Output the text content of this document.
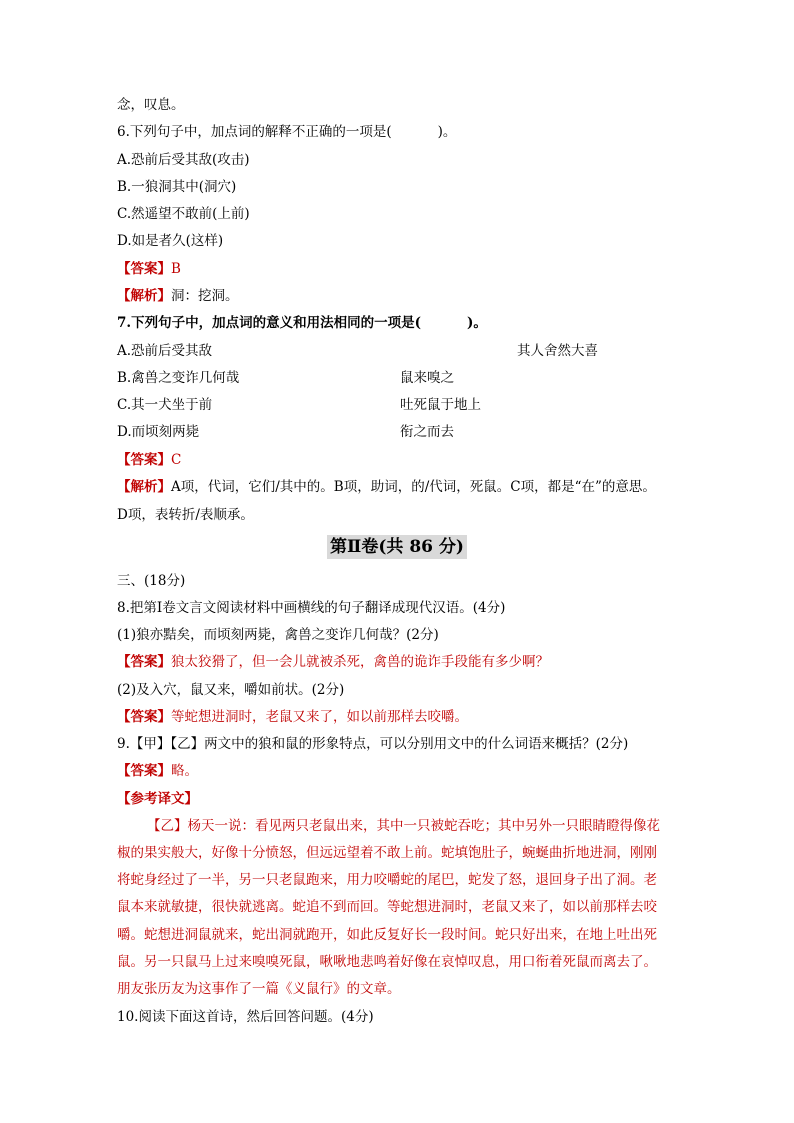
念，叹息。
6.下列句子中，加点词的解释不正确的一项是(	)。
A.恐前后受其敌(攻击)
B.一狼洞其中(洞穴)
C.然遥望不敢前(上前)
D.如是者久(这样)
【答案】B
【解析】洞：挖洞。
7.下列句子中，加点词的意义和用法相同的一项是(	)。
A.恐前后受其敌	其人舍然大喜
B.禽兽之变诈几何哉	鼠来嗅之
C.其一犬坐于前	吐死鼠于地上
D.而顷刻两毙	衔之而去
【答案】C
【解析】A项，代词，它们/其中的。B项，助词，的/代词，死鼠。C项，都是“在”的意思。
D项，表转折/表顺承。
第Ⅱ卷(共 86 分)
三、(18分)
8.把第Ⅰ卷文言文阅读材料中画横线的句子翻译成现代汉语。(4分)
(1)狼亦黠矣，而顷刻两毙，禽兽之变诈几何哉？(2分)
【答案】狼太狡猾了，但一会儿就被杀死，禽兽的诡诈手段能有多少啊？
(2)及入穴，鼠又来，嚼如前状。(2分)
【答案】等蛇想进洞时，老鼠又来了，如以前那样去咬嚼。
9.【甲】【乙】两文中的狼和鼠的形象特点，可以分别用文中的什么词语来概括？(2分)
【答案】略。
【参考译文】
【乙】杨天一说：看见两只老鼠出来，其中一只被蛇吞吃；其中另外一只眼睛瞪得像花
椒的果实般大，好像十分愤怒，但远远望着不敢上前。蛇填饱肚子，蜿蜒曲折地进洞，刚刚
将蛇身经过了一半，另一只老鼠跑来，用力咬嚼蛇的尾巴，蛇发了怒，退回身子出了洞。老
鼠本来就敏捷，很快就逃离。蛇追不到而回。等蛇想进洞时，老鼠又来了，如以前那样去咬
嚼。蛇想进洞鼠就来，蛇出洞就跑开，如此反复好长一段时间。蛇只好出来，在地上吐出死
鼠。另一只鼠马上过来嗅嗅死鼠，啾啾地悲鸣着好像在哀悼叹息，用口衔着死鼠而离去了。
朋友张历友为这事作了一篇《义鼠行》的文章。
10.阅读下面这首诗，然后回答问题。(4分)
